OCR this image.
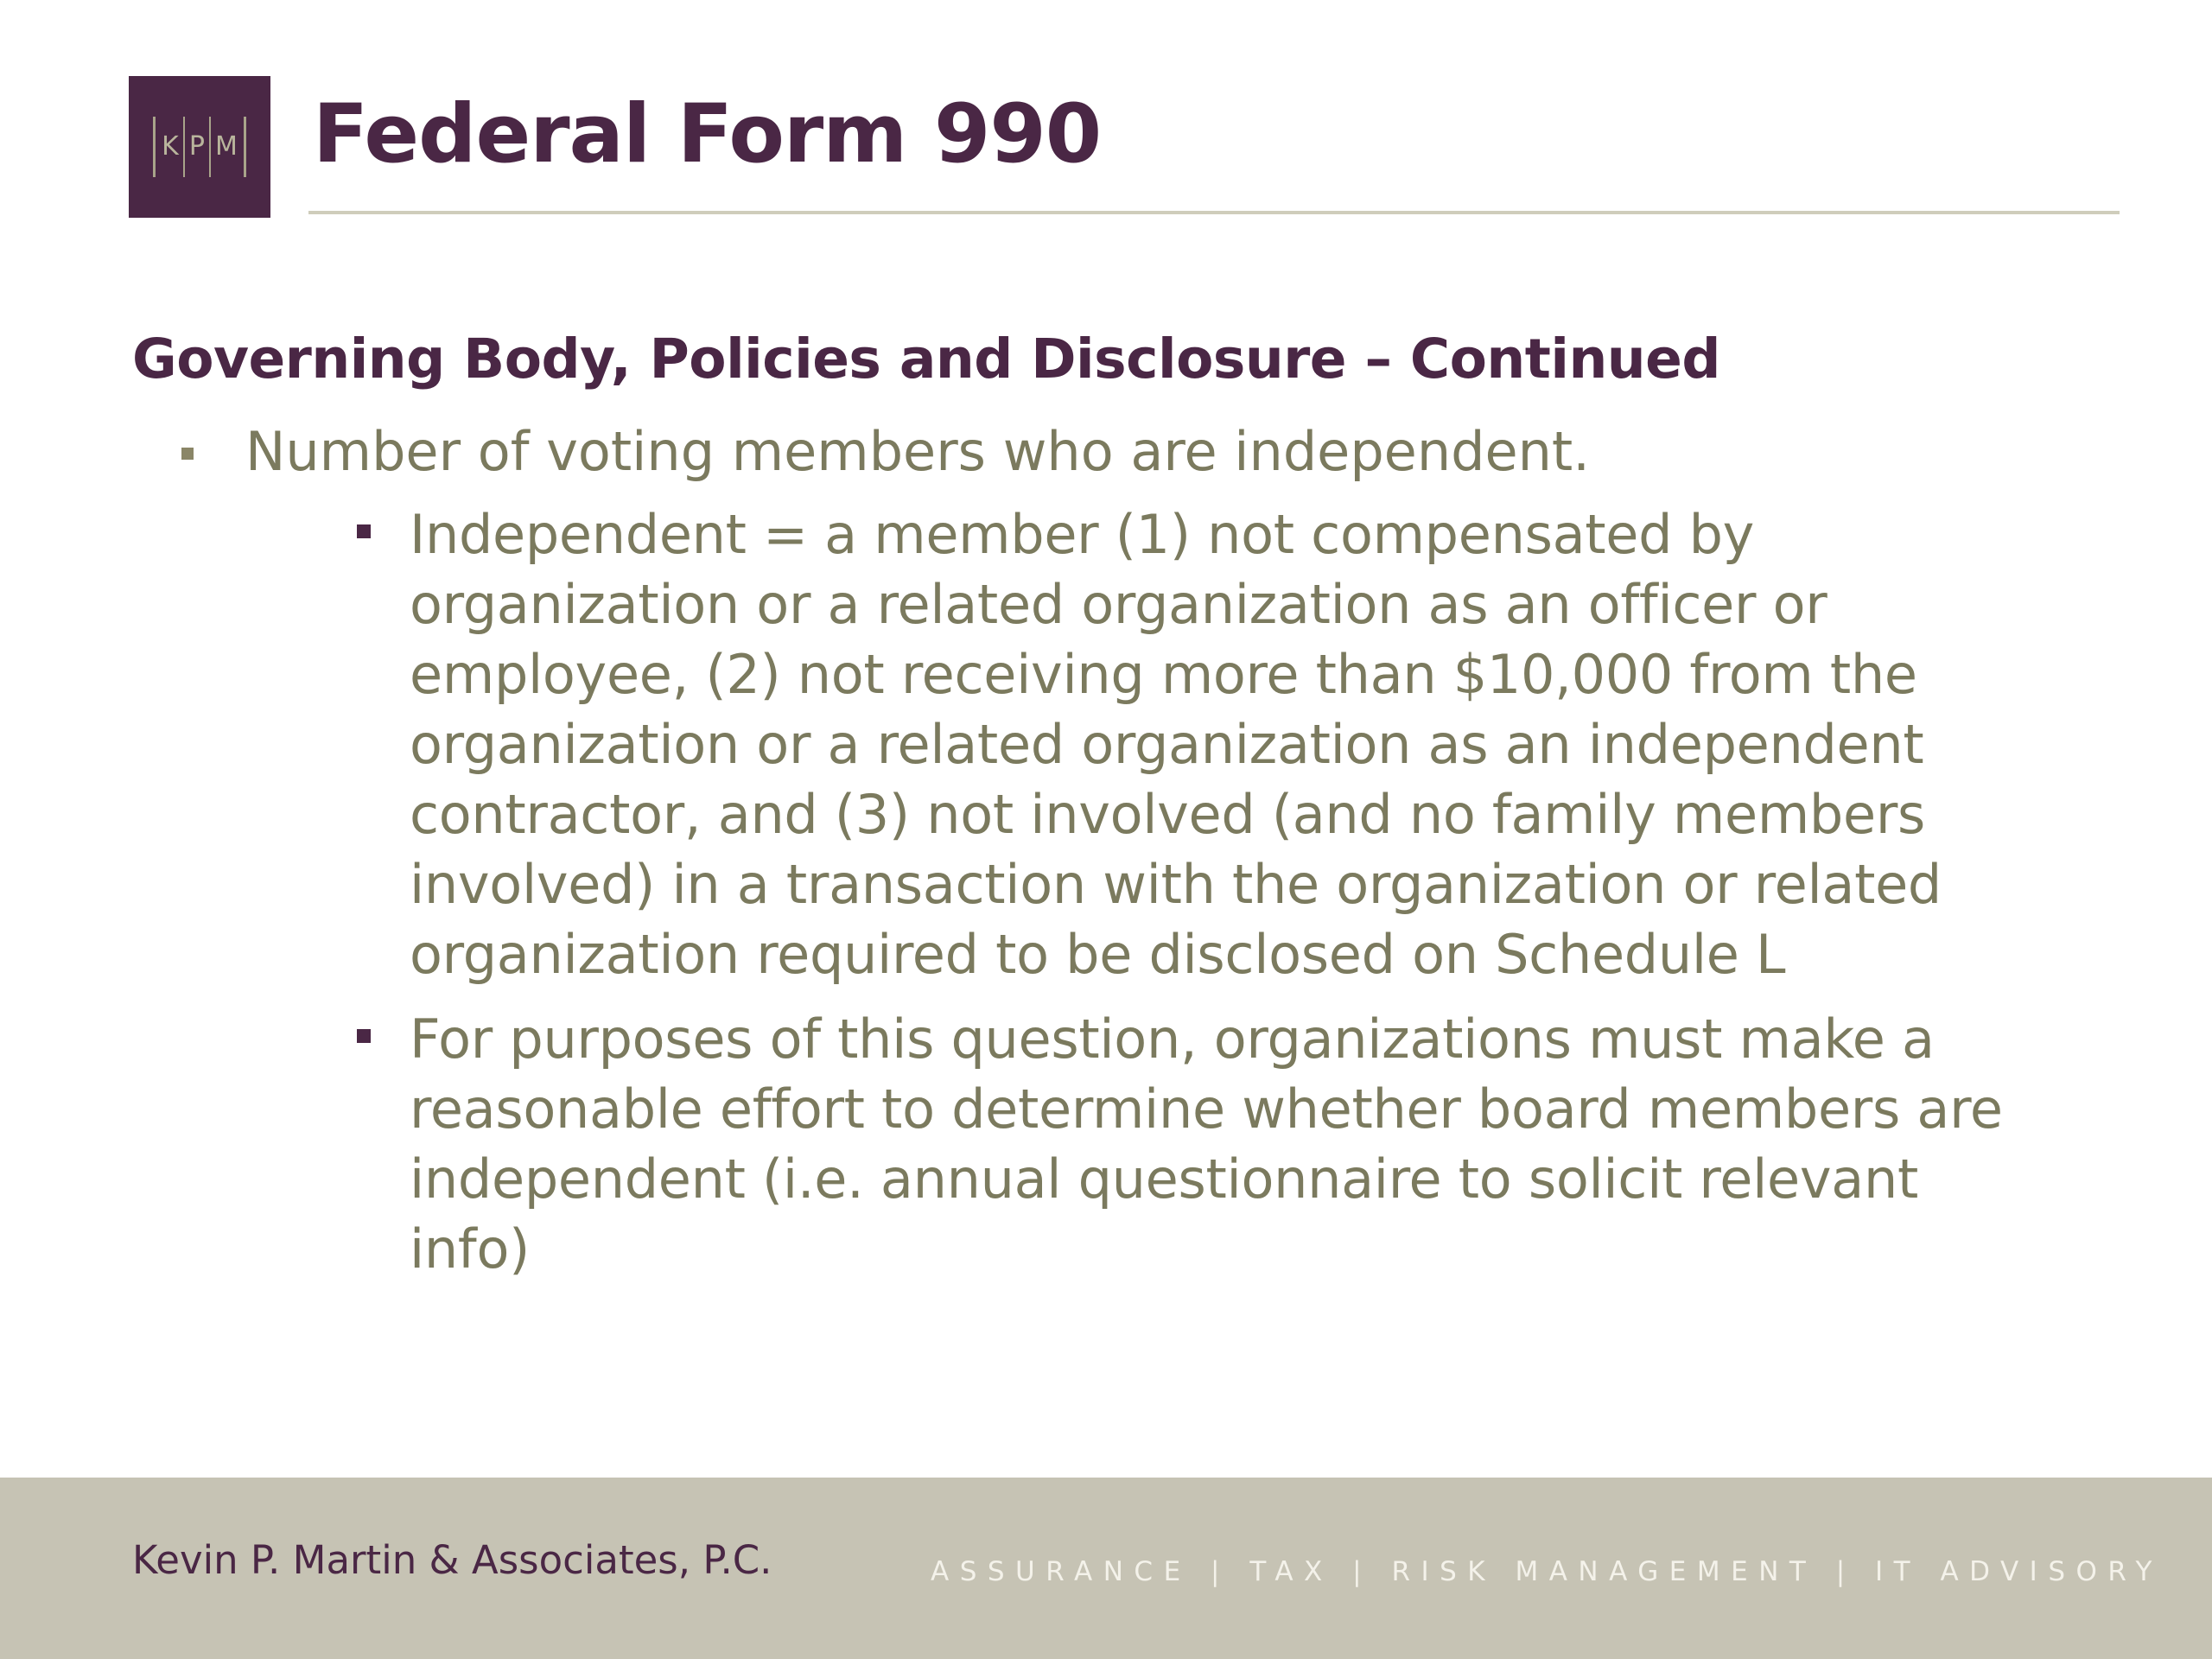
K P M Federal Form 990
Governing Body, Policies and Disclosure – Continued
Number of voting members who are independent.
Independent = a member (1) not compensated by organization or a related organization as an officer or employee, (2) not receiving more than $10,000 from the organization or a related organization as an independent contractor, and (3) not involved (and no family members involved) in a transaction with the organization or related organization required to be disclosed on Schedule L
For purposes of this question, organizations must make a reasonable effort to determine whether board members are independent (i.e. annual questionnaire to solicit relevant info)
Kevin P. Martin & Associates, P.C.	ASSURANCE | TAX | RISK MANAGEMENT | IT ADVISORY
